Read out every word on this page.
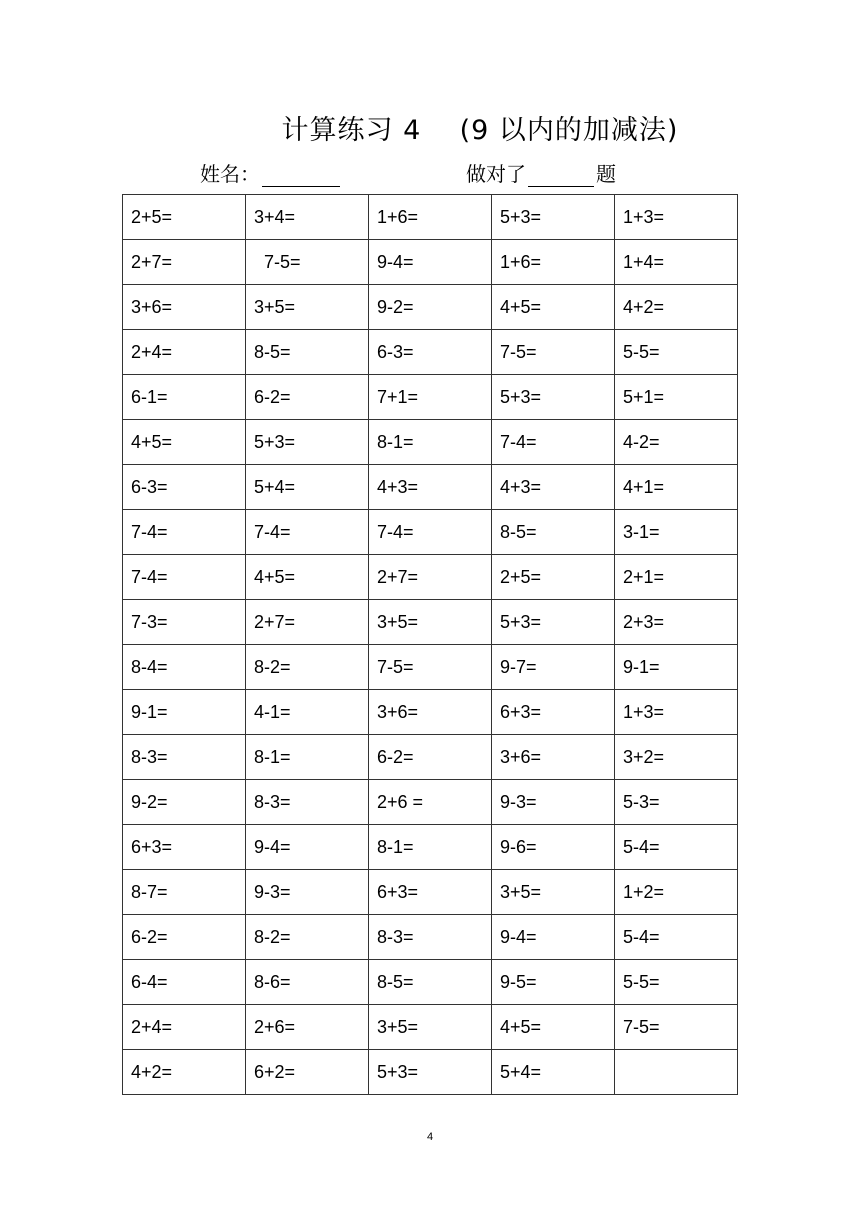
计算练习 4    (9 以内的加减法)
姓名：	做对了	题
2+5=	3+4=	1+6=	5+3=	1+3=
2+7=	7-5=	9-4=	1+6=	1+4=
3+6=	3+5=	9-2=	4+5=	4+2=
2+4=	8-5=	6-3=	7-5=	5-5=
6-1=	6-2=	7+1=	5+3=	5+1=
4+5=	5+3=	8-1=	7-4=	4-2=
6-3=	5+4=	4+3=	4+3=	4+1=
7-4=	7-4=	7-4=	8-5=	3-1=
7-4=	4+5=	2+7=	2+5=	2+1=
7-3=	2+7=	3+5=	5+3=	2+3=
8-4=	8-2=	7-5=	9-7=	9-1=
9-1=	4-1=	3+6=	6+3=	1+3=
8-3=	8-1=	6-2=	3+6=	3+2=
9-2=	8-3=	2+6 =	9-3=	5-3=
6+3=	9-4=	8-1=	9-6=	5-4=
8-7=	9-3=	6+3=	3+5=	1+2=
6-2=	8-2=	8-3=	9-4=	5-4=
6-4=	8-6=	8-5=	9-5=	5-5=
2+4=	2+6=	3+5=	4+5=	7-5=
4+2=	6+2=	5+3=	5+4=	
4
